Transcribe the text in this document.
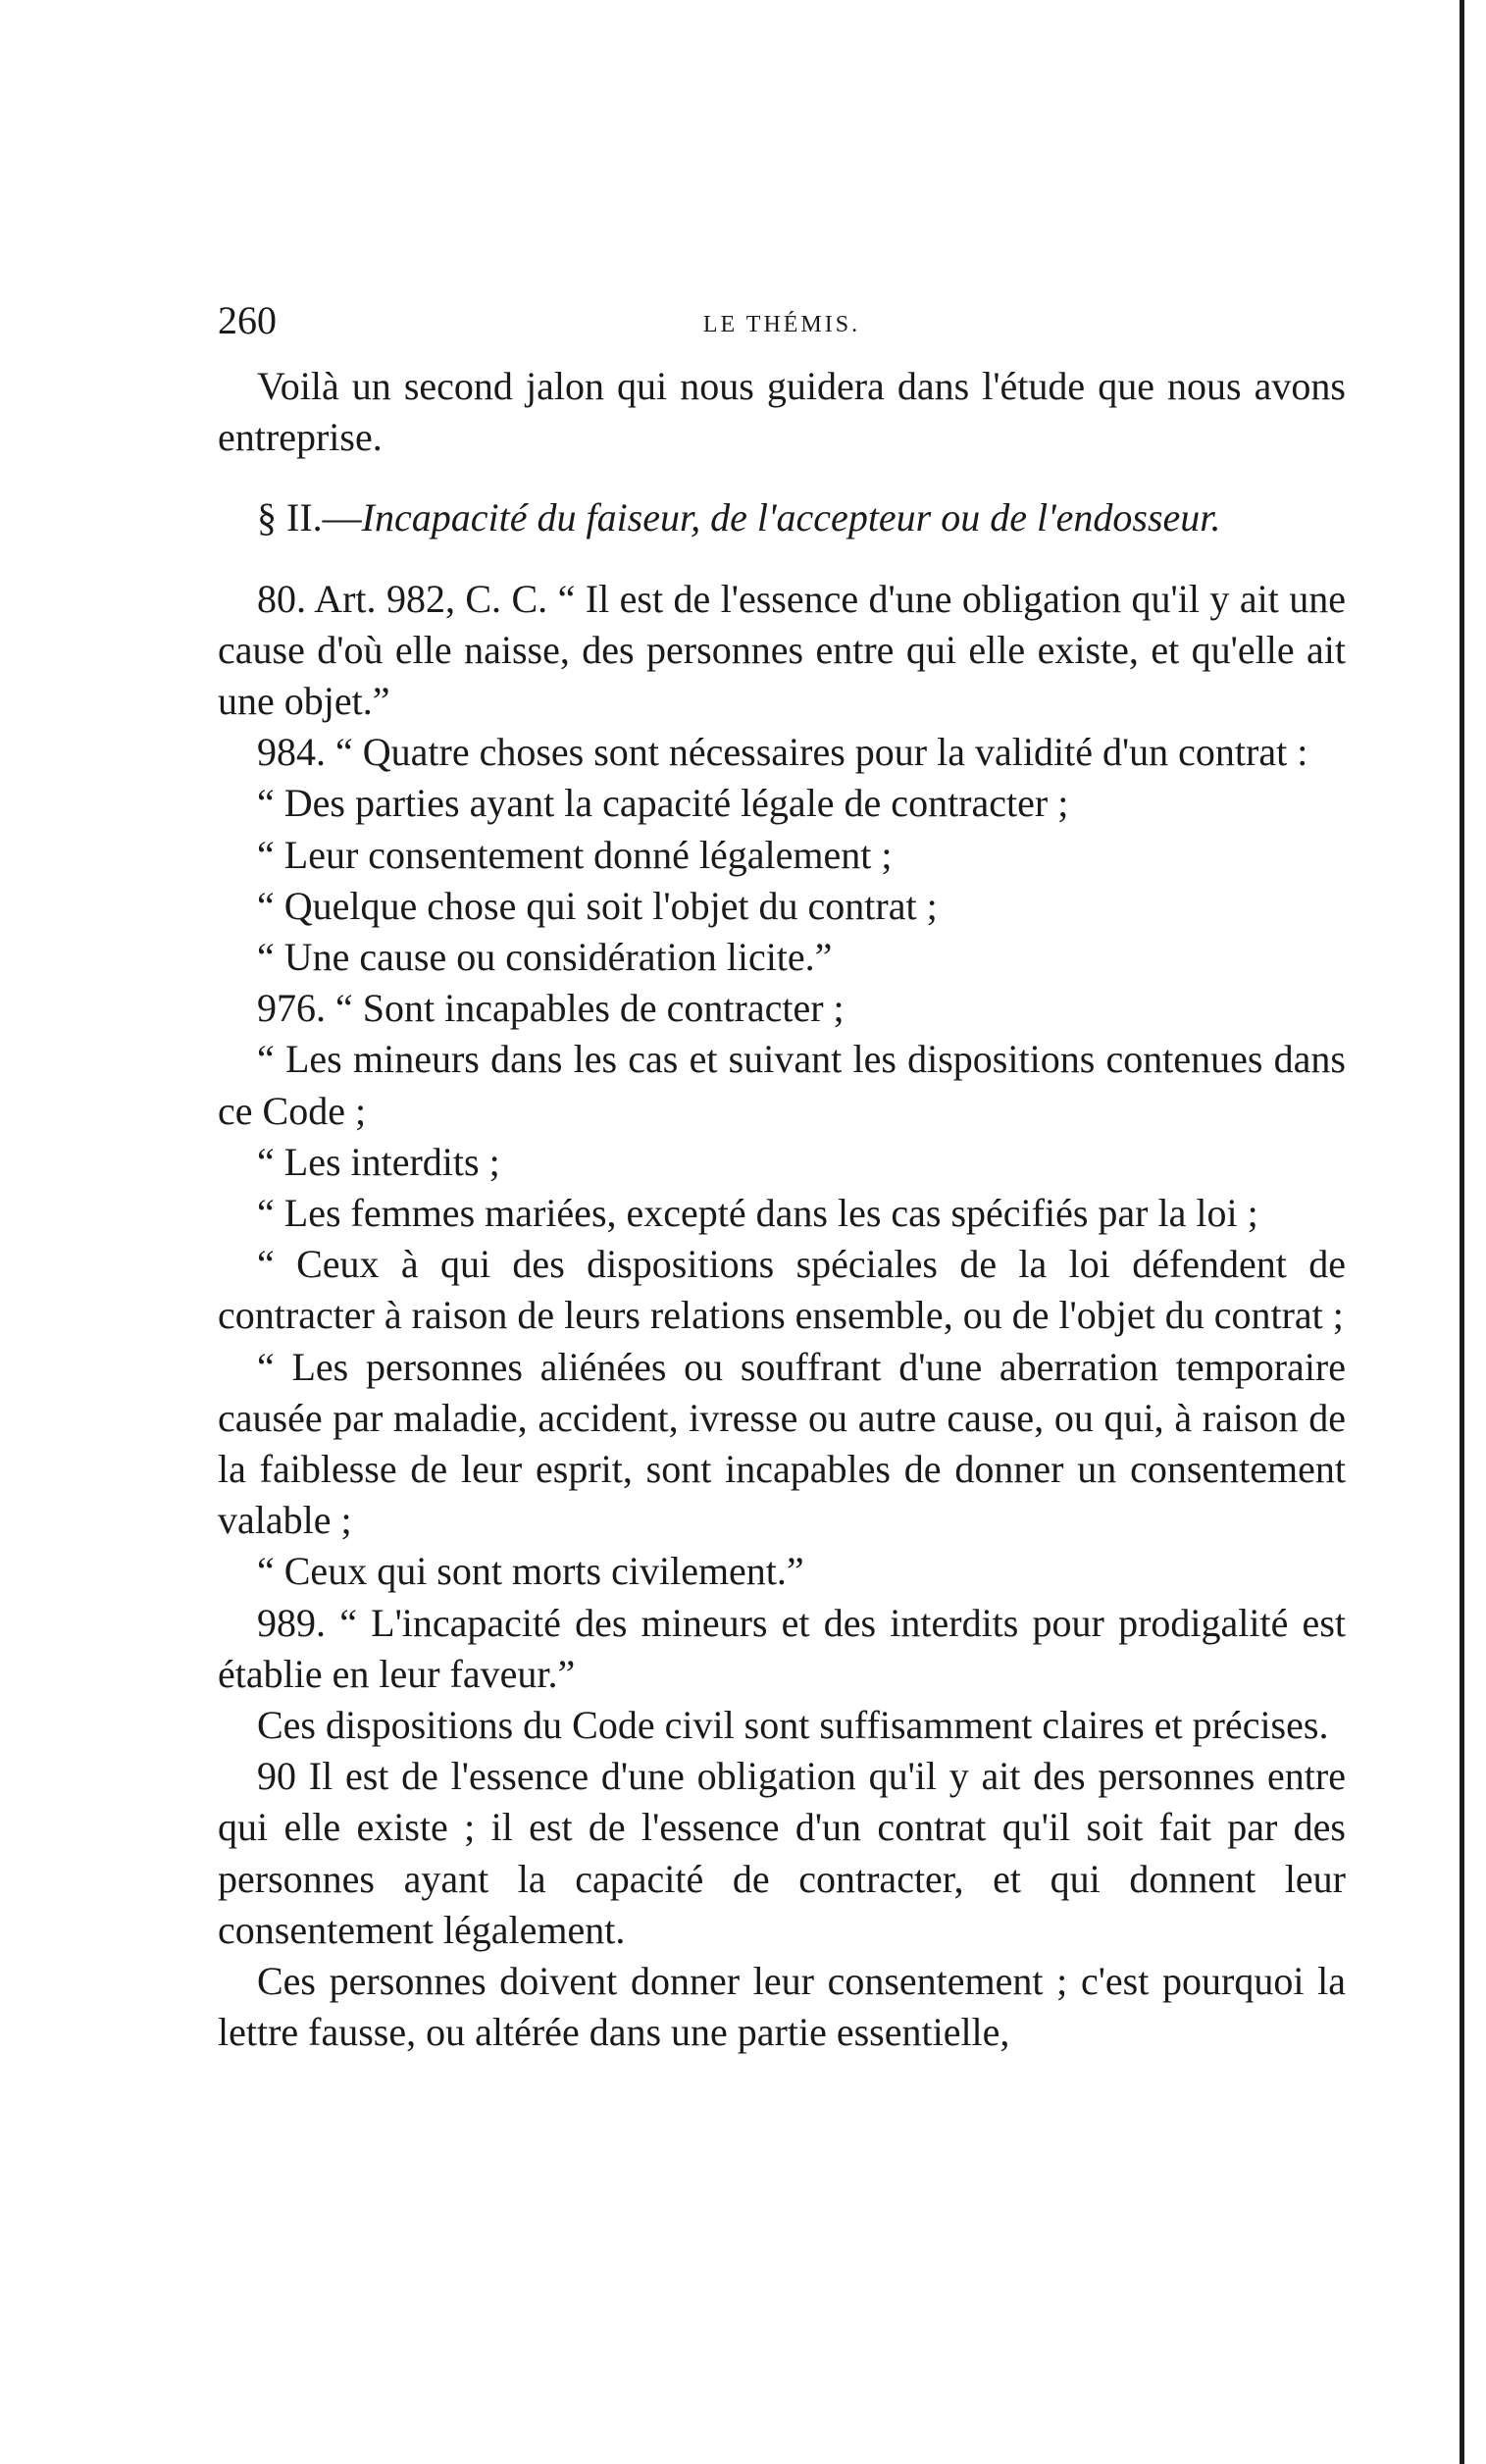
260	LE THÉMIS.

Voilà un second jalon qui nous guidera dans l'étude que nous avons entreprise.

§ II.—Incapacité du faiseur, de l'accepteur ou de l'endosseur.

80. Art. 982, C. C. “ Il est de l'essence d'une obligation qu'il y ait une cause d'où elle naisse, des personnes entre qui elle existe, et qu'elle ait une objet.”

984. “ Quatre choses sont nécessaires pour la validité d'un contrat :

“ Des parties ayant la capacité légale de contracter ;

“ Leur consentement donné légalement ;

“ Quelque chose qui soit l'objet du contrat ;

“ Une cause ou considération licite.”

976. “ Sont incapables de contracter ;

“ Les mineurs dans les cas et suivant les dispositions contenues dans ce Code ;

“ Les interdits ;

“ Les femmes mariées, excepté dans les cas spécifiés par la loi ;

“ Ceux à qui des dispositions spéciales de la loi défendent de contracter à raison de leurs relations ensemble, ou de l'objet du contrat ;

“ Les personnes aliénées ou souffrant d'une aberration temporaire causée par maladie, accident, ivresse ou autre cause, ou qui, à raison de la faiblesse de leur esprit, sont incapables de donner un consentement valable ;

“ Ceux qui sont morts civilement.”

989. “ L'incapacité des mineurs et des interdits pour prodigalité est établie en leur faveur.”

Ces dispositions du Code civil sont suffisamment claires et précises.

90 Il est de l'essence d'une obligation qu'il y ait des personnes entre qui elle existe ; il est de l'essence d'un contrat qu'il soit fait par des personnes ayant la capacité de contracter, et qui donnent leur consentement légalement.

Ces personnes doivent donner leur consentement ; c'est pourquoi la lettre fausse, ou altérée dans une partie essentielle,
